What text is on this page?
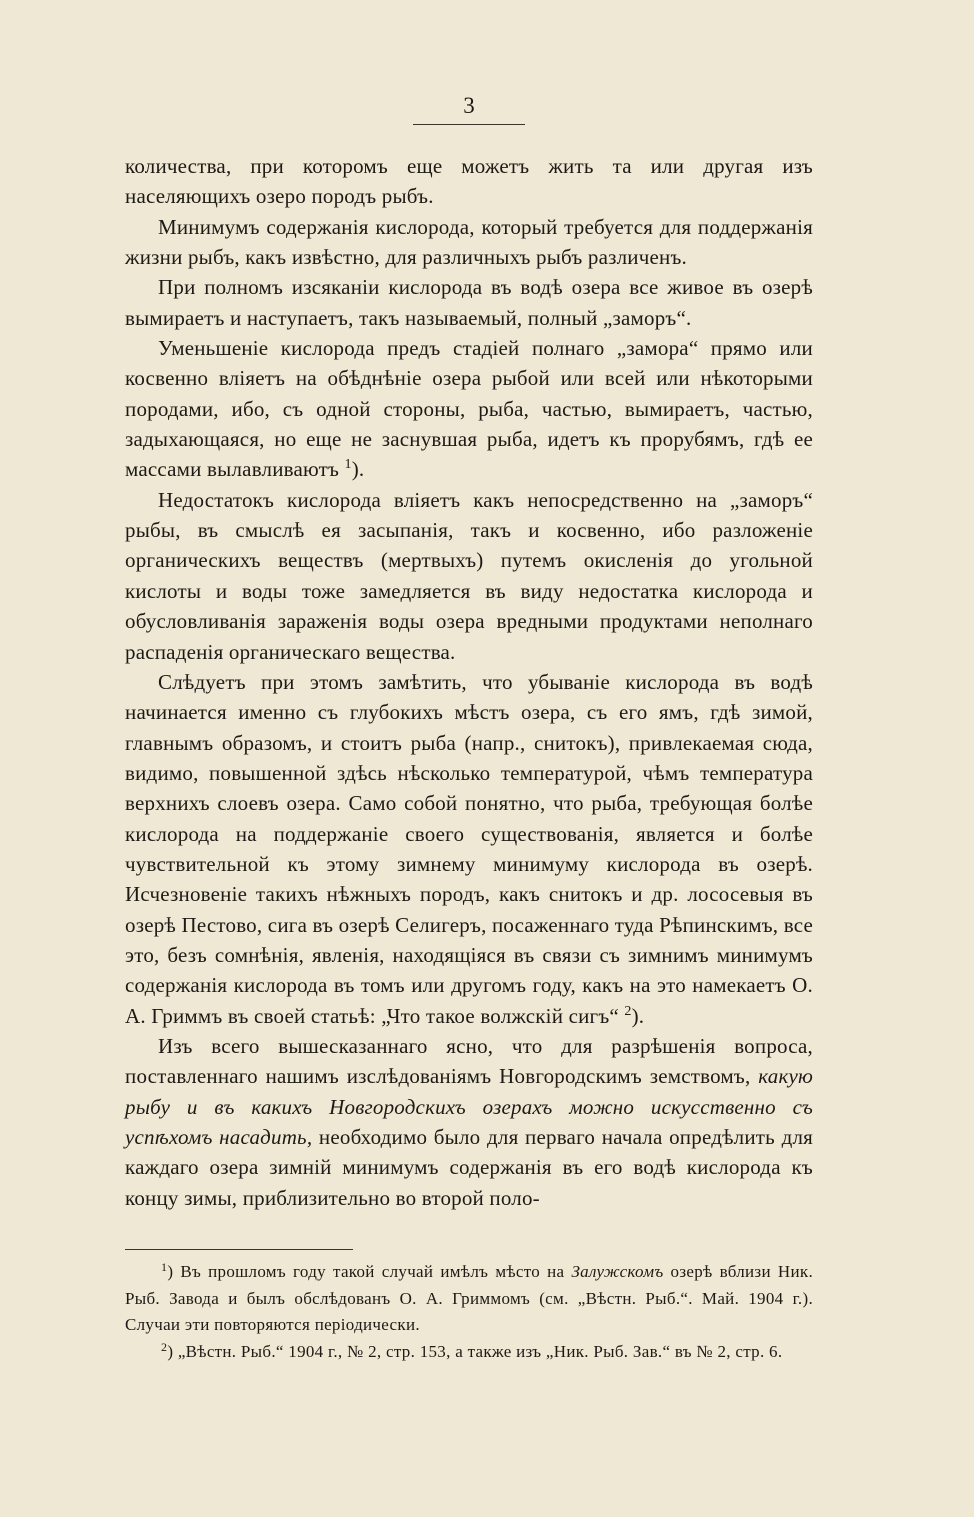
3

количества, при которомъ еще можетъ жить та или другая изъ населяющихъ озеро породъ рыбъ.

Минимумъ содержанія кислорода, который требуется для поддержанія жизни рыбъ, какъ извѣстно, для различныхъ рыбъ различенъ.

При полномъ изсяканіи кислорода въ водѣ озера все живое въ озерѣ вымираетъ и наступаетъ, такъ называемый, полный „заморъ“.

Уменьшеніе кислорода предъ стадіей полнаго „замора“ прямо или косвенно вліяетъ на обѣднѣніе озера рыбой или всей или нѣкоторыми породами, ибо, съ одной стороны, рыба, частью, вымираетъ, частью, задыхающаяся, но еще не заснувшая рыба, идетъ къ прорубямъ, гдѣ ее массами вылавливаютъ $^1$).

Недостатокъ кислорода вліяетъ какъ непосредственно на „заморъ“ рыбы, въ смыслѣ ея засыпанія, такъ и косвенно, ибо разложеніе органическихъ веществъ (мертвыхъ) путемъ окисленія до угольной кислоты и воды тоже замедляется въ виду недостатка кислорода и обусловливанія зараженія воды озера вредными продуктами неполнаго распаденія органическаго вещества.

Слѣдуетъ при этомъ замѣтить, что убываніе кислорода въ водѣ начинается именно съ глубокихъ мѣстъ озера, съ его ямъ, гдѣ зимой, главнымъ образомъ, и стоитъ рыба (напр., снитокъ), привлекаемая сюда, видимо, повышенной здѣсь нѣсколько температурой, чѣмъ температура верхнихъ слоевъ озера. Само собой понятно, что рыба, требующая болѣе кислорода на поддержаніе своего существованія, является и болѣе чувствительной къ этому зимнему минимуму кислорода въ озерѣ. Исчезновеніе такихъ нѣжныхъ породъ, какъ снитокъ и др. лососевыя въ озерѣ Пестово, сига въ озерѣ Селигеръ, посаженнаго туда Рѣпинскимъ, все это, безъ сомнѣнія, явленія, находящіяся въ связи съ зимнимъ минимумъ содержанія кислорода въ томъ или другомъ году, какъ на это намекаетъ О. А. Гриммъ въ своей статьѣ: „Что такое волжскій сигъ“ $^2$).

Изъ всего вышесказаннаго ясно, что для разрѣшенія вопроса, поставленнаго нашимъ изслѣдованіямъ Новгородскимъ земствомъ, какую рыбу и въ какихъ Новгородскихъ озерахъ можно искусственно съ успѣхомъ насадить, необходимо было для перваго начала опредѣлить для каждаго озера зимній минимумъ содержанія въ его водѣ кислорода къ концу зимы, приблизительно во второй поло-

$^1$) Въ прошломъ году такой случай имѣлъ мѣсто на Залужскомъ озерѣ вблизи Ник. Рыб. Завода и былъ обслѣдованъ О. А. Гриммомъ (см. „Вѣстн. Рыб.“. Май. 1904 г.). Случаи эти повторяются періодически.

$^2$) „Вѣстн. Рыб.“ 1904 г., № 2, стр. 153, а также изъ „Ник. Рыб. Зав.“ въ № 2, стр. 6.
